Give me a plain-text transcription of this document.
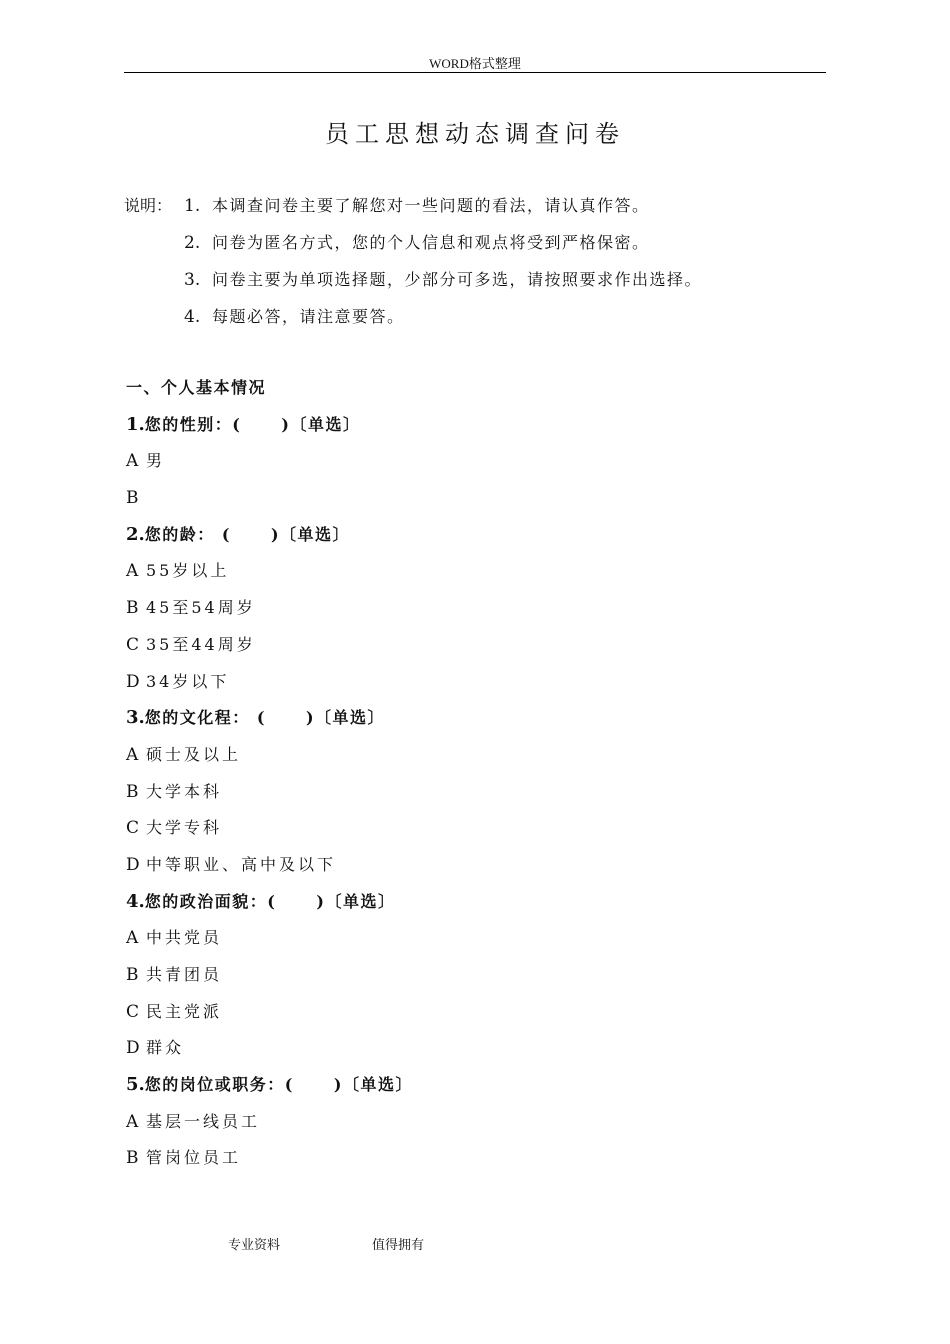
WORD格式整理
员工思想动态调查问卷
说明： 1. 本调查问卷主要了解您对一些问题的看法，请认真作答。
2. 问卷为匿名方式，您的个人信息和观点将受到严格保密。
3. 问卷主要为单项选择题，少部分可多选，请按照要求作出选择。
4. 每题必答，请注意要答。
一、个人基本情况
1.您的性别：(	)〔单选〕
A 男
B
2.您的龄： (	)〔单选〕
A 55岁以上
B 45至54周岁
C 35至44周岁
D 34岁以下
3.您的文化程： (	)〔单选〕
A 硕士及以上
B 大学本科
C 大学专科
D 中等职业、高中及以下
4.您的政治面貌：(	)〔单选〕
A 中共党员
B 共青团员
C 民主党派
D 群众
5.您的岗位或职务：(	)〔单选〕
A 基层一线员工
B 管岗位员工
专业资料	值得拥有
